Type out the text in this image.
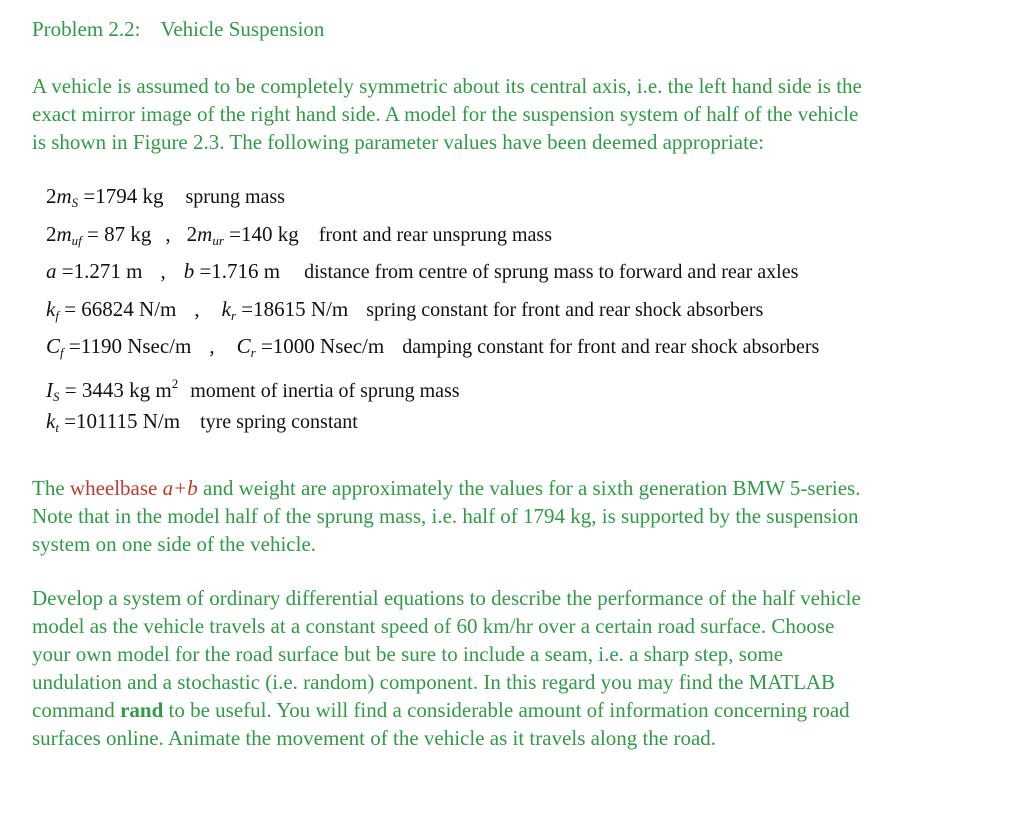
Problem 2.2: Vehicle Suspension
A vehicle is assumed to be completely symmetric about its central axis, i.e. the left hand side is the
exact mirror image of the right hand side. A model for the suspension system of half of the vehicle
is shown in Figure 2.3. The following parameter values have been deemed appropriate:
$2m_S =1794$ kg sprung mass
$2m_{uf} = 87$ kg , $2m_{ur} =140$ kg front and rear unsprung mass
a =1.271 m , b =1.716 m distance from centre of sprung mass to forward and rear axles
$k_f = 66824$ N/m , $k_r =18615$ N/m spring constant for front and rear shock absorbers
$C_f =1190$ Nsec/m , $C_r =1000$ Nsec/m damping constant for front and rear shock absorbers
$I_S = 3443$ kg $m^2$ moment of inertia of sprung mass
$k_t =101115$ N/m tyre spring constant
The wheelbase a+b and weight are approximately the values for a sixth generation BMW 5-series.
Note that in the model half of the sprung mass, i.e. half of 1794 kg, is supported by the suspension
system on one side of the vehicle.
Develop a system of ordinary differential equations to describe the performance of the half vehicle
model as the vehicle travels at a constant speed of 60 km/hr over a certain road surface. Choose
your own model for the road surface but be sure to include a seam, i.e. a sharp step, some
undulation and a stochastic (i.e. random) component. In this regard you may find the MATLAB
command rand to be useful. You will find a considerable amount of information concerning road
surfaces online. Animate the movement of the vehicle as it travels along the road.
